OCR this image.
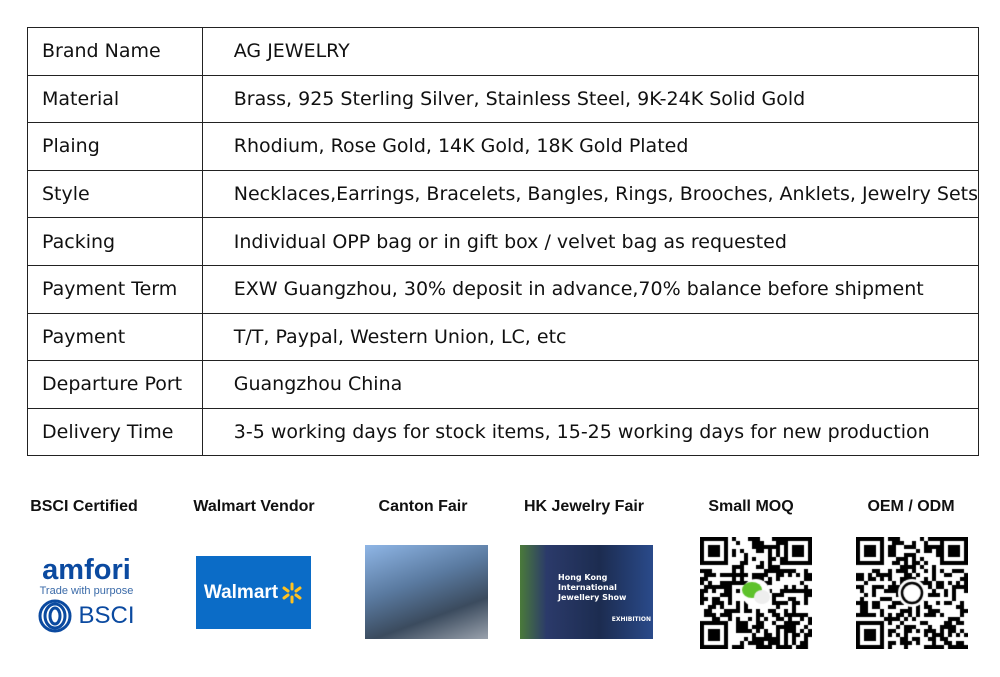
Brand Name	AG JEWELRY
Material	Brass, 925 Sterling Silver, Stainless Steel, 9K-24K Solid Gold
Plaing	Rhodium, Rose Gold, 14K Gold, 18K Gold Plated
Style	Necklaces,Earrings, Bracelets, Bangles, Rings, Brooches, Anklets, Jewelry Sets
Packing	Individual OPP bag or in gift box / velvet bag as requested
Payment Term	EXW Guangzhou, 30% deposit in advance,70% balance before shipment
Payment	T/T, Paypal, Western Union, LC, etc
Departure Port	Guangzhou China
Delivery Time	3-5 working days for stock items, 15-25 working days for new production
BSCI Certified	Walmart Vendor	Canton Fair	HK Jewelry Fair	Small MOQ	OEM / ODM
amfori
Trade with purpose
BSCI
Walmart
Hong Kong International Jewellery Show
EXHIBITION
